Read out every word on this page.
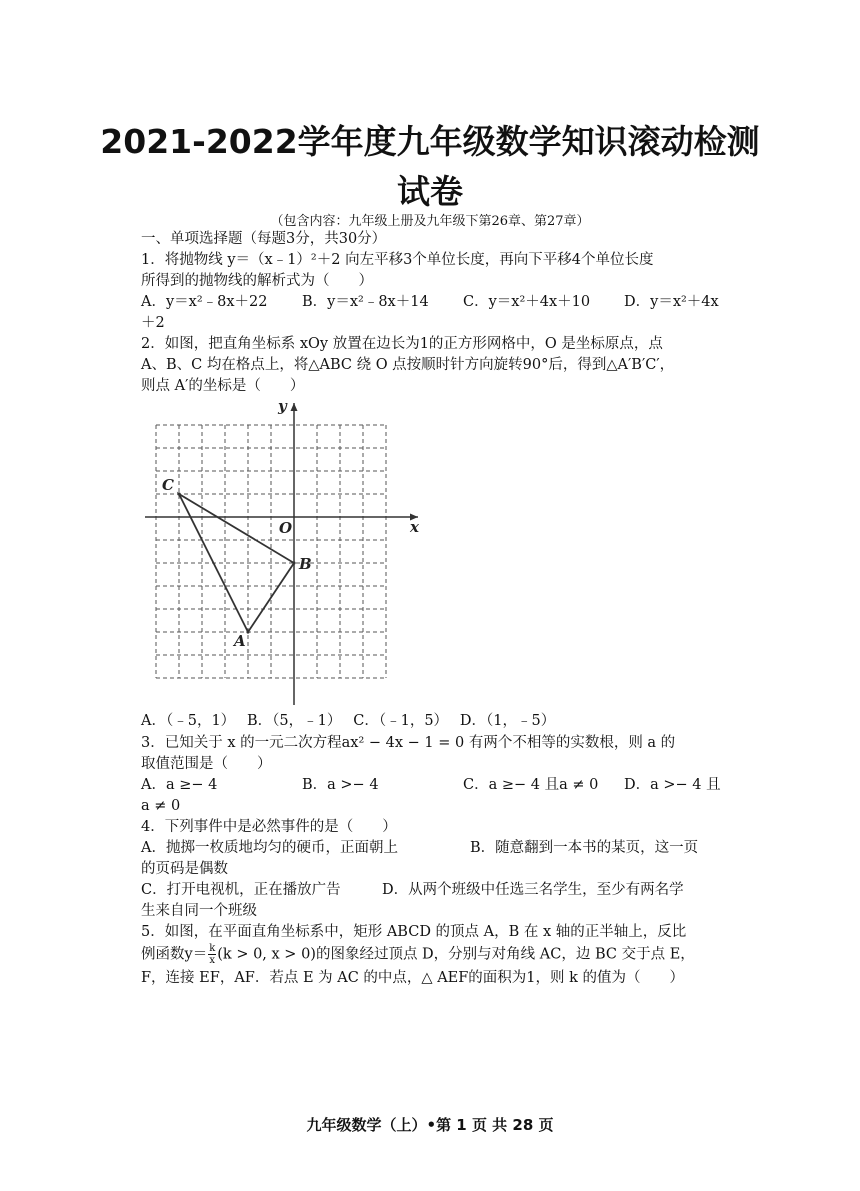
2021-2022学年度九年级数学知识滚动检测
试卷
（包含内容：九年级上册及九年级下第26章、第27章）
一、单项选择题（每题3分，共30分）
1．将抛物线 y＝（x﹣1）²＋2 向左平移3个单位长度，再向下平移4个单位长度
所得到的抛物线的解析式为（　　）
A．y＝x²﹣8x＋22 B．y＝x²﹣8x＋14 C．y＝x²＋4x＋10 D．y＝x²＋4x
＋2
2．如图，把直角坐标系 xOy 放置在边长为1的正方形网格中，O 是坐标原点，点
A、B、C 均在格点上，将△ABC 绕 O 点按顺时针方向旋转90°后，得到△A′B′C′，
则点 A′的坐标是（　　）
A
B
C
x
y
O
A．（﹣5，1）　 B．（5，﹣1）　 C．（﹣1，5）　 D．（1，﹣5）
3．已知关于 x 的一元二次方程ax² − 4x − 1 = 0 有两个不相等的实数根，则 a 的
取值范围是（　　）
A．a ≥− 4	B．a >− 4	C．a ≥− 4 且a ≠ 0 D．a >− 4 且
a ≠ 0
4．下列事件中是必然事件的是（　　）
A．抛掷一枚质地均匀的硬币，正面朝上	B．随意翻到一本书的某页，这一页
的页码是偶数
C．打开电视机，正在播放广告	D．从两个班级中任选三名学生，至少有两名学
生来自同一个班级
5．如图，在平面直角坐标系中，矩形 ABCD 的顶点 A，B 在 x 轴的正半轴上，反比
例函数$y= \frac{k}{x} (k > 0$, x > 0)的图象经过顶点 D，分别与对角线 AC，边 BC 交于点 E，
F，连接 EF，AF．若点 E 为 AC 的中点，△ AEF的面积为1，则 k 的值为（　　）
九年级数学（上）•第 1 页 共 28 页
